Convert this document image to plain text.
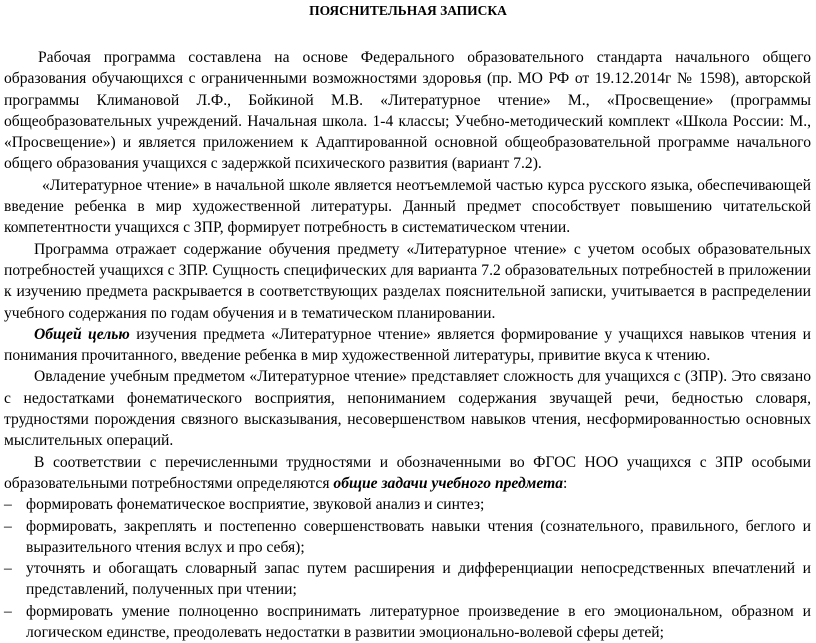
ПОЯСНИТЕЛЬНАЯ ЗАПИСКА

Рабочая программа составлена на основе Федерального образовательного стандарта начального общего образования обучающихся с ограниченными возможностями здоровья (пр. МО РФ от 19.12.2014г № 1598), авторской программы Климановой Л.Ф., Бойкиной М.В. «Литературное чтение» М., «Просвещение» (программы общеобразовательных учреждений. Начальная школа. 1-4 классы; Учебно-методический комплект «Школа России: М., «Просвещение») и является приложением к Адаптированной основной общеобразовательной программе начального общего образования учащихся с задержкой психического развития (вариант 7.2).

«Литературное чтение» в начальной школе является неотъемлемой частью курса русского языка, обеспечивающей введение ребенка в мир художественной литературы. Данный предмет способствует повышению читательской компетентности учащихся с ЗПР, формирует потребность в систематическом чтении.

Программа отражает содержание обучения предмету «Литературное чтение» с учетом особых образовательных потребностей учащихся с ЗПР. Сущность специфических для варианта 7.2 образовательных потребностей в приложении к изучению предмета раскрывается в соответствующих разделах пояснительной записки, учитывается в распределении учебного содержания по годам обучения и в тематическом планировании.

Общей целью изучения предмета «Литературное чтение» является формирование у учащихся навыков чтения и понимания прочитанного, введение ребенка в мир художественной литературы, привитие вкуса к чтению.

Овладение учебным предметом «Литературное чтение» представляет сложность для учащихся с (ЗПР). Это связано с недостатками фонематического восприятия, непониманием содержания звучащей речи, бедностью словаря, трудностями порождения связного высказывания, несовершенством навыков чтения, несформированностью основных мыслительных операций.

В соответствии с перечисленными трудностями и обозначенными во ФГОС НОО учащихся с ЗПР особыми образовательными потребностями определяются общие задачи учебного предмета:

– формировать фонематическое восприятие, звуковой анализ и синтез;
– формировать, закреплять и постепенно совершенствовать навыки чтения (сознательного, правильного, беглого и выразительного чтения вслух и про себя);
– уточнять и обогащать словарный запас путем расширения и дифференциации непосредственных впечатлений и представлений, полученных при чтении;
– формировать умение полноценно воспринимать литературное произведение в его эмоциональном, образном и логическом единстве, преодолевать недостатки в развитии эмоционально-волевой сферы детей;
